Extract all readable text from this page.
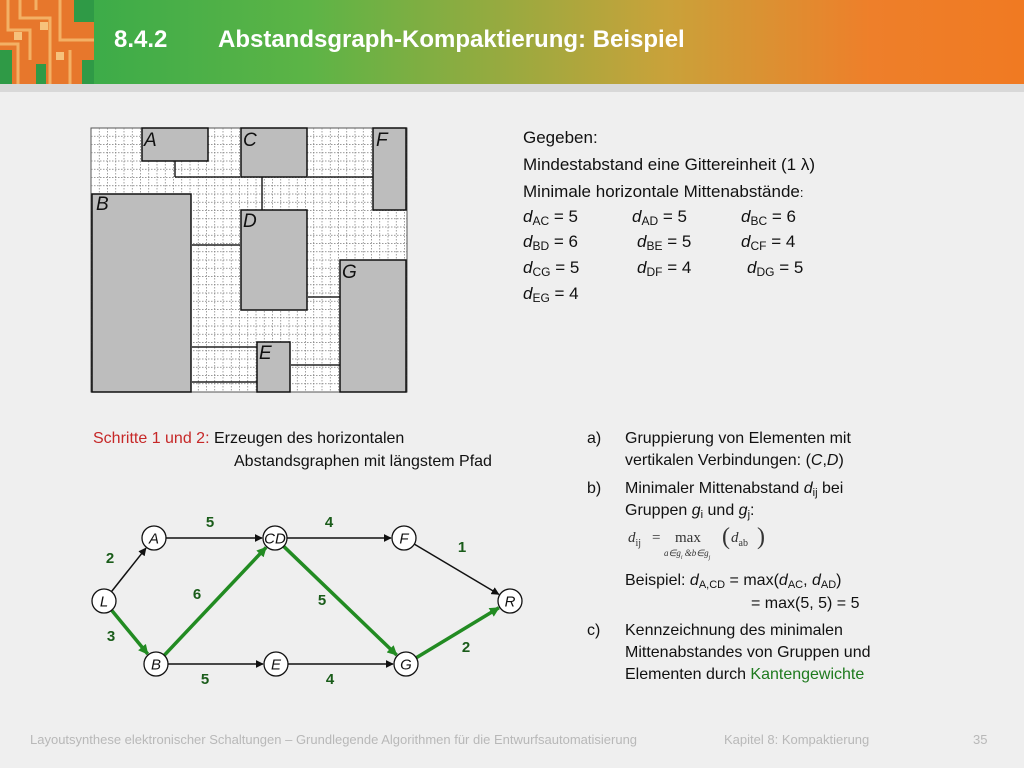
8.4.2 Abstandsgraph-Kompaktierung: Beispiel
A
B
C
D
E
F
G
Gegeben:
Mindestabstand eine Gittereinheit (1 λ)
Minimale horizontale Mittenabstände:
$d_{AC} = 5$	$d_{AD} = 5$	$d_{BC} = 6$
$d_{BD} = 6$	$d_{BE} = 5$	$d_{CF} = 4$
$d_{CG} = 5$	$d_{DF} = 4$	$d_{DG} = 5$
$d_{EG} = 4$
Schritte 1 und 2: Erzeugen des horizontalen
Abstandsgraphen mit längstem Pfad
L
A
B
CD
E
F
G
R
2
3
5
6
5
4
5
4
1
2
a) Gruppierung von Elementen mit
vertikalen Verbindungen: (C,D)
b) Minimaler Mittenabstand $d_{ij}$ bei
Gruppen $g_i$ und $g_j$:
$d_{ij} = \max$
$a\in g_i$ $\&b\in g_j$
( $d_{ab}$ )
Beispiel: $d_{A,CD} = \max(d_{AC}$, $d_{AD}$)
= max(5, 5) = 5
c) Kennzeichnung des minimalen
Mittenabstandes von Gruppen und
Elementen durch Kantengewichte
Layoutsynthese elektronischer Schaltungen – Grundlegende Algorithmen für die Entwurfsautomatisierung	Kapitel 8: Kompaktierung	35
